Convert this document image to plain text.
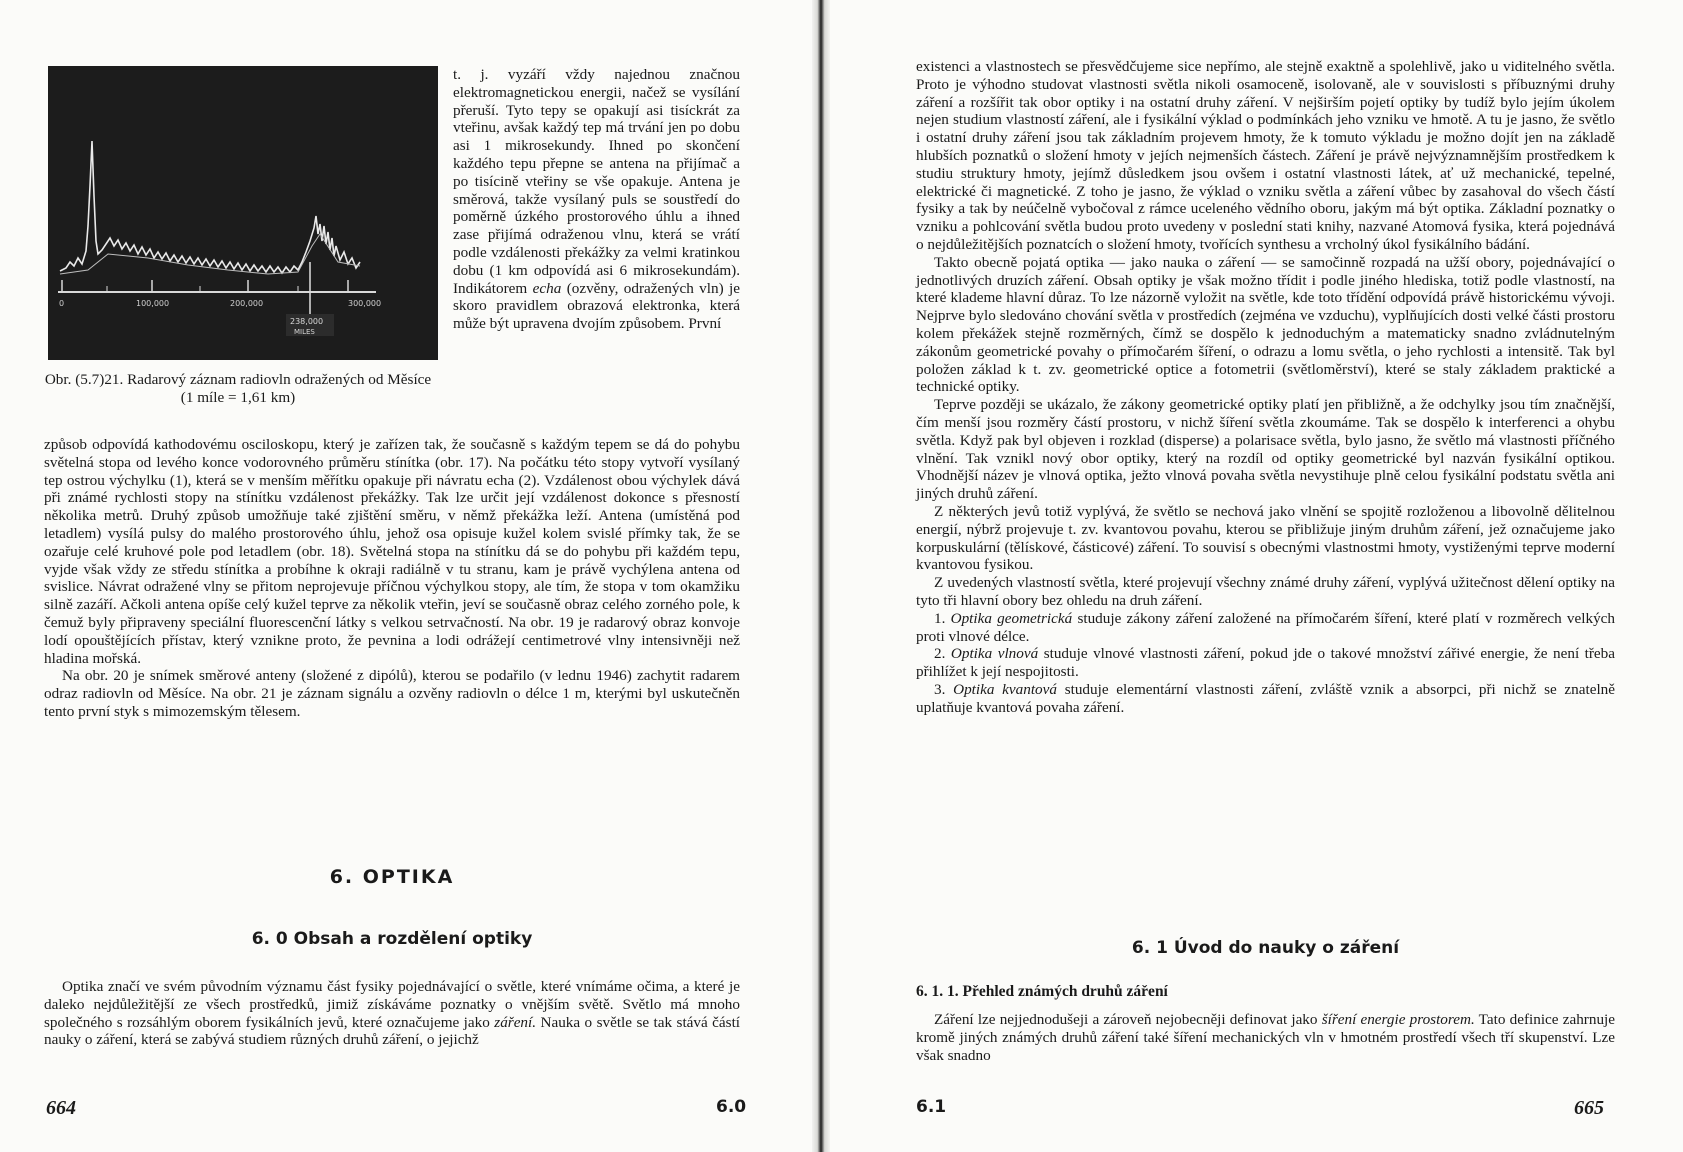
0	100,000	200,000	300,000
238,000
MILES
Obr. (5.7)21. Radarový záznam radiovln odražených od Měsíce (1 míle = 1,61 km)

t. j. vyzáří vždy najednou značnou elektromagnetickou energii, načež se vysílání přeruší. Tyto tepy se opakují asi tisíckrát za vteřinu, avšak každý tep má trvání jen po dobu asi 1 mikrosekundy. Ihned po skončení každého tepu přepne se antena na přijímač a po tisícině vteřiny se vše opakuje. Antena je směrová, takže vysílaný puls se soustředí do poměrně úzkého prostorového úhlu a ihned zase přijímá odraženou vlnu, která se vrátí podle vzdálenosti překážky za velmi kratinkou dobu (1 km odpovídá asi 6 mikrosekundám). Indikátorem echa (ozvěny, odražených vln) je skoro pravidlem obrazová elektronka, která může být upravena dvojím způsobem. První

způsob odpovídá kathodovému osciloskopu, který je zařízen tak, že současně s každým tepem se dá do pohybu světelná stopa od levého konce vodorovného průměru stínítka (obr. 17). Na počátku této stopy vytvoří vysílaný tep ostrou výchylku (1), která se v menším měřítku opakuje při návratu echa (2). Vzdálenost obou výchylek dává při známé rychlosti stopy na stínítku vzdálenost překážky. Tak lze určit její vzdálenost dokonce s přesností několika metrů. Druhý způsob umožňuje také zjištění směru, v němž překážka leží. Antena (umístěná pod letadlem) vysílá pulsy do malého prostorového úhlu, jehož osa opisuje kužel kolem svislé přímky tak, že se ozařuje celé kruhové pole pod letadlem (obr. 18). Světelná stopa na stínítku dá se do pohybu při každém tepu, vyjde však vždy ze středu stínítka a probíhne k okraji radiálně v tu stranu, kam je právě vychýlena antena od svislice. Návrat odražené vlny se přitom neprojevuje příčnou výchylkou stopy, ale tím, že stopa v tom okamžiku silně zazáří. Ačkoli antena opíše celý kužel teprve za několik vteřin, jeví se současně obraz celého zorného pole, k čemuž byly připraveny speciální fluorescenční látky s velkou setrvačností. Na obr. 19 je radarový obraz konvoje lodí opouštějících přístav, který vznikne proto, že pevnina a lodi odrážejí centimetrové vlny intensivněji než hladina mořská.

Na obr. 20 je snímek směrové anteny (složené z dipólů), kterou se podařilo (v lednu 1946) zachytit radarem odraz radiovln od Měsíce. Na obr. 21 je záznam signálu a ozvěny radiovln o délce 1 m, kterými byl uskutečněn tento první styk s mimozemským tělesem.

6. OPTIKA
6. 0 Obsah a rozdělení optiky

Optika značí ve svém původním významu část fysiky pojednávající o světle, které vnímáme očima, a které je daleko nejdůležitější ze všech prostředků, jimiž získáváme poznatky o vnějším světě. Světlo má mnoho společného s rozsáhlým oborem fysikálních jevů, které označujeme jako záření. Nauka o světle se tak stává částí nauky o záření, která se zabývá studiem různých druhů záření, o jejichž

664	6.0

existenci a vlastnostech se přesvědčujeme sice nepřímo, ale stejně exaktně a spolehlivě, jako u viditelného světla. Proto je výhodno studovat vlastnosti světla nikoli osamoceně, isolovaně, ale v souvislosti s příbuznými druhy záření a rozšířit tak obor optiky i na ostatní druhy záření. V nejširším pojetí optiky by tudíž bylo jejím úkolem nejen studium vlastností záření, ale i fysikální výklad o podmínkách jeho vzniku ve hmotě. A tu je jasno, že světlo i ostatní druhy záření jsou tak základním projevem hmoty, že k tomuto výkladu je možno dojít jen na základě hlubších poznatků o složení hmoty v jejích nejmenších částech. Záření je právě nejvýznamnějším prostředkem k studiu struktury hmoty, jejímž důsledkem jsou ovšem i ostatní vlastnosti látek, ať už mechanické, tepelné, elektrické či magnetické. Z toho je jasno, že výklad o vzniku světla a záření vůbec by zasahoval do všech částí fysiky a tak by neúčelně vybočoval z rámce uceleného vědního oboru, jakým má být optika. Základní poznatky o vzniku a pohlcování světla budou proto uvedeny v poslední stati knihy, nazvané Atomová fysika, která pojednává o nejdůležitějších poznatcích o složení hmoty, tvořících synthesu a vrcholný úkol fysikálního bádání.

Takto obecně pojatá optika — jako nauka o záření — se samočinně rozpadá na užší obory, pojednávající o jednotlivých druzích záření. Obsah optiky je však možno třídit i podle jiného hlediska, totiž podle vlastností, na které klademe hlavní důraz. To lze názorně vyložit na světle, kde toto třídění odpovídá právě historickému vývoji. Nejprve bylo sledováno chování světla v prostředích (zejména ve vzduchu), vyplňujících dosti velké části prostoru kolem překážek stejně rozměrných, čímž se dospělo k jednoduchým a matematicky snadno zvládnutelným zákonům geometrické povahy o přímočarém šíření, o odrazu a lomu světla, o jeho rychlosti a intensitě. Tak byl položen základ k t. zv. geometrické optice a fotometrii (světloměrství), které se staly základem praktické a technické optiky.

Teprve později se ukázalo, že zákony geometrické optiky platí jen přibližně, a že odchylky jsou tím značnější, čím menší jsou rozměry částí prostoru, v nichž šíření světla zkoumáme. Tak se dospělo k interferenci a ohybu světla. Když pak byl objeven i rozklad (disperse) a polarisace světla, bylo jasno, že světlo má vlastnosti příčného vlnění. Tak vznikl nový obor optiky, který na rozdíl od optiky geometrické byl nazván fysikální optikou. Vhodnější název je vlnová optika, ježto vlnová povaha světla nevystihuje plně celou fysikální podstatu světla ani jiných druhů záření.

Z některých jevů totiž vyplývá, že světlo se nechová jako vlnění se spojitě rozloženou a libovolně dělitelnou energií, nýbrž projevuje t. zv. kvantovou povahu, kterou se přibližuje jiným druhům záření, jež označujeme jako korpuskulární (tělískové, částicové) záření. To souvisí s obecnými vlastnostmi hmoty, vystiženými teprve moderní kvantovou fysikou.

Z uvedených vlastností světla, které projevují všechny známé druhy záření, vyplývá užitečnost dělení optiky na tyto tři hlavní obory bez ohledu na druh záření.

1. Optika geometrická studuje zákony záření založené na přímočarém šíření, které platí v rozměrech velkých proti vlnové délce.

2. Optika vlnová studuje vlnové vlastnosti záření, pokud jde o takové množství zářivé energie, že není třeba přihlížet k její nespojitosti.

3. Optika kvantová studuje elementární vlastnosti záření, zvláště vznik a absorpci, při nichž se znatelně uplatňuje kvantová povaha záření.

6. 1 Úvod do nauky o záření
6. 1. 1. Přehled známých druhů záření

Záření lze nejjednodušeji a zároveň nejobecněji definovat jako šíření energie prostorem. Tato definice zahrnuje kromě jiných známých druhů záření také šíření mechanických vln v hmotném prostředí všech tří skupenství. Lze však snadno

6.1	665
